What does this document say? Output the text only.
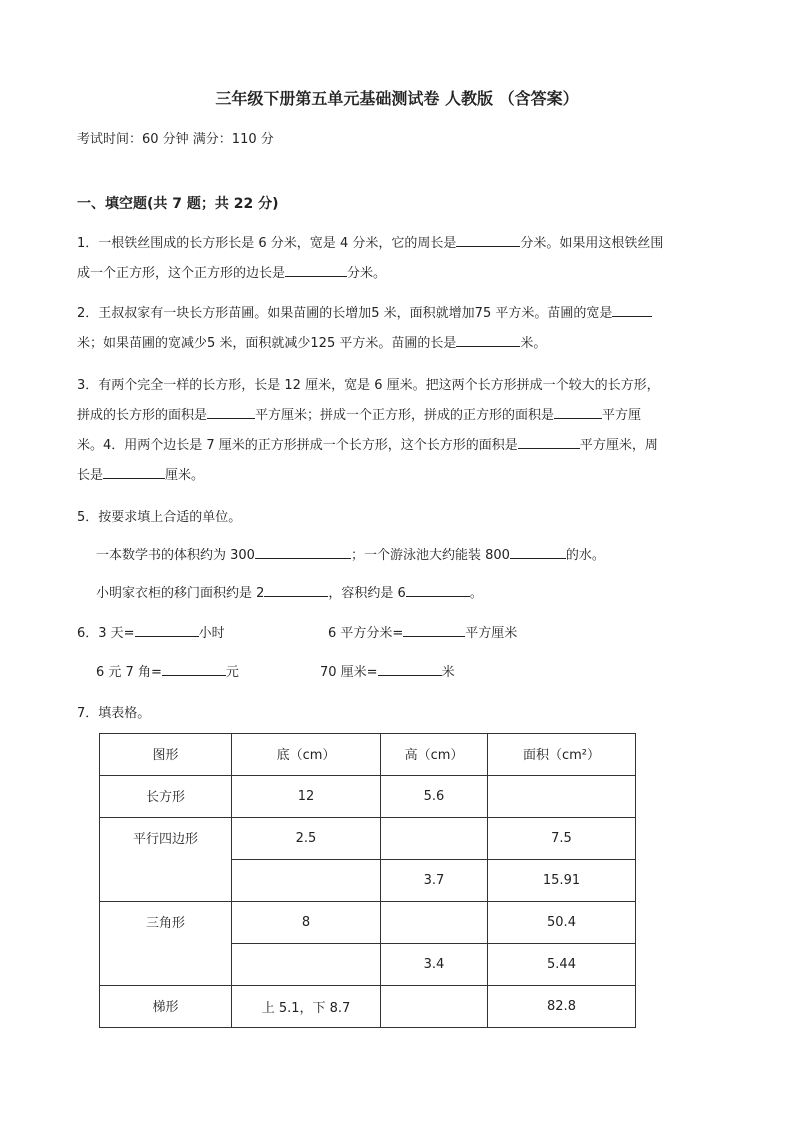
三年级下册第五单元基础测试卷 人教版 （含答案）
考试时间：60 分钟 满分：110 分
一、填空题(共 7 题；共 22 分)
1．一根铁丝围成的长方形长是 6 分米，宽是 4 分米，它的周长是	分米。如果用这根铁丝围
成一个正方形，这个正方形的边长是	分米。
2．王叔叔家有一块长方形苗圃。如果苗圃的长增加5 米，面积就增加75 平方米。苗圃的宽是
米；如果苗圃的宽减少5 米，面积就减少125 平方米。苗圃的长是	米。
3．有两个完全一样的长方形，长是 12 厘米，宽是 6 厘米。把这两个长方形拼成一个较大的长方形，
拼成的长方形的面积是	平方厘米；拼成一个正方形，拼成的正方形的面积是	平方厘
米。4．用两个边长是 7 厘米的正方形拼成一个长方形，这个长方形的面积是	平方厘米，周
长是	厘米。
5．按要求填上合适的单位。
一本数学书的体积约为 300	；一个游泳池大约能装 800	的水。
小明家衣柜的移门面积约是 2	，容积约是 6	。
6．3 天=	小时	6 平方分米=	平方厘米
6 元 7 角=	元	70 厘米=	米
7．填表格。
图形	底（cm）	高（cm）	面积（cm²）
长方形	12	5.6	
平行四边形	2.5		7.5
		3.7	15.91
三角形	8		50.4
		3.4	5.44
梯形	上 5.1，下 8.7		82.8
